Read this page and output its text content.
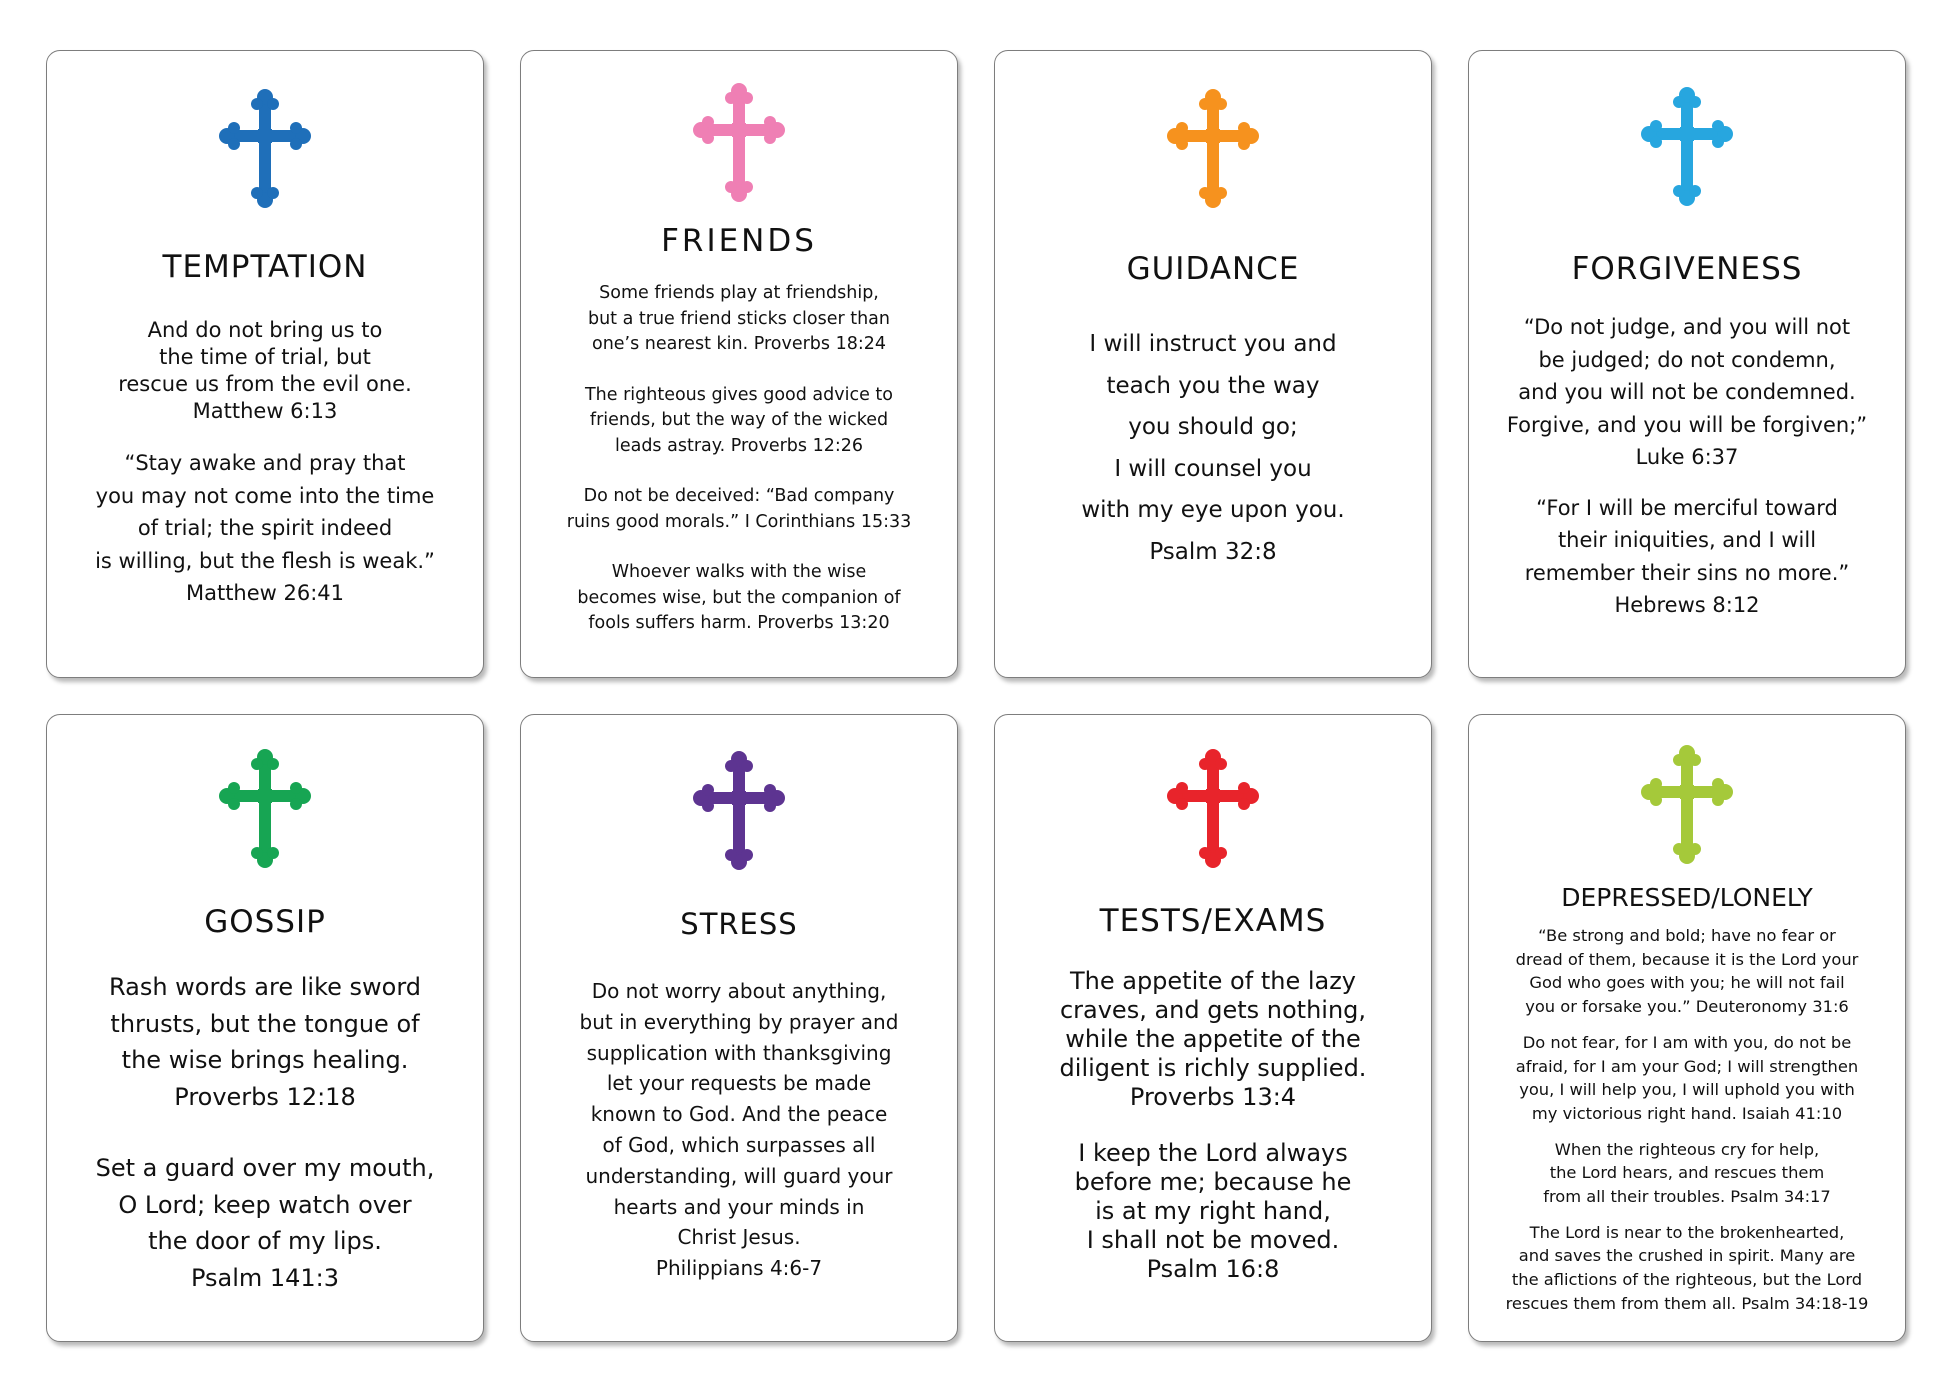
TEMPTATION
And do not bring us to
the time of trial, but
rescue us from the evil one.
Matthew 6:13
“Stay awake and pray that
you may not come into the time
of trial; the spirit indeed
is willing, but the flesh is weak.”
Matthew 26:41
FRIENDS
Some friends play at friendship,
but a true friend sticks closer than
one’s nearest kin. Proverbs 18:24
The righteous gives good advice to
friends, but the way of the wicked
leads astray. Proverbs 12:26
Do not be deceived: “Bad company
ruins good morals.” I Corinthians 15:33
Whoever walks with the wise
becomes wise, but the companion of
fools suffers harm. Proverbs 13:20
GUIDANCE
I will instruct you and
teach you the way
you should go;
I will counsel you
with my eye upon you.
Psalm 32:8
FORGIVENESS
“Do not judge, and you will not
be judged; do not condemn,
and you will not be condemned.
Forgive, and you will be forgiven;”
Luke 6:37
“For I will be merciful toward
their iniquities, and I will
remember their sins no more.”
Hebrews 8:12
GOSSIP
Rash words are like sword
thrusts, but the tongue of
the wise brings healing.
Proverbs 12:18
Set a guard over my mouth,
O Lord; keep watch over
the door of my lips.
Psalm 141:3
STRESS
Do not worry about anything,
but in everything by prayer and
supplication with thanksgiving
let your requests be made
known to God. And the peace
of God, which surpasses all
understanding, will guard your
hearts and your minds in
Christ Jesus.
Philippians 4:6-7
TESTS/EXAMS
The appetite of the lazy
craves, and gets nothing,
while the appetite of the
diligent is richly supplied.
Proverbs 13:4
I keep the Lord always
before me; because he
is at my right hand,
I shall not be moved.
Psalm 16:8
DEPRESSED/LONELY
“Be strong and bold; have no fear or
dread of them, because it is the Lord your
God who goes with you; he will not fail
you or forsake you.” Deuteronomy 31:6
Do not fear, for I am with you, do not be
afraid, for I am your God; I will strengthen
you, I will help you, I will uphold you with
my victorious right hand. Isaiah 41:10
When the righteous cry for help,
the Lord hears, and rescues them
from all their troubles. Psalm 34:17
The Lord is near to the brokenhearted,
and saves the crushed in spirit. Many are
the aflictions of the righteous, but the Lord
rescues them from them all. Psalm 34:18-19
